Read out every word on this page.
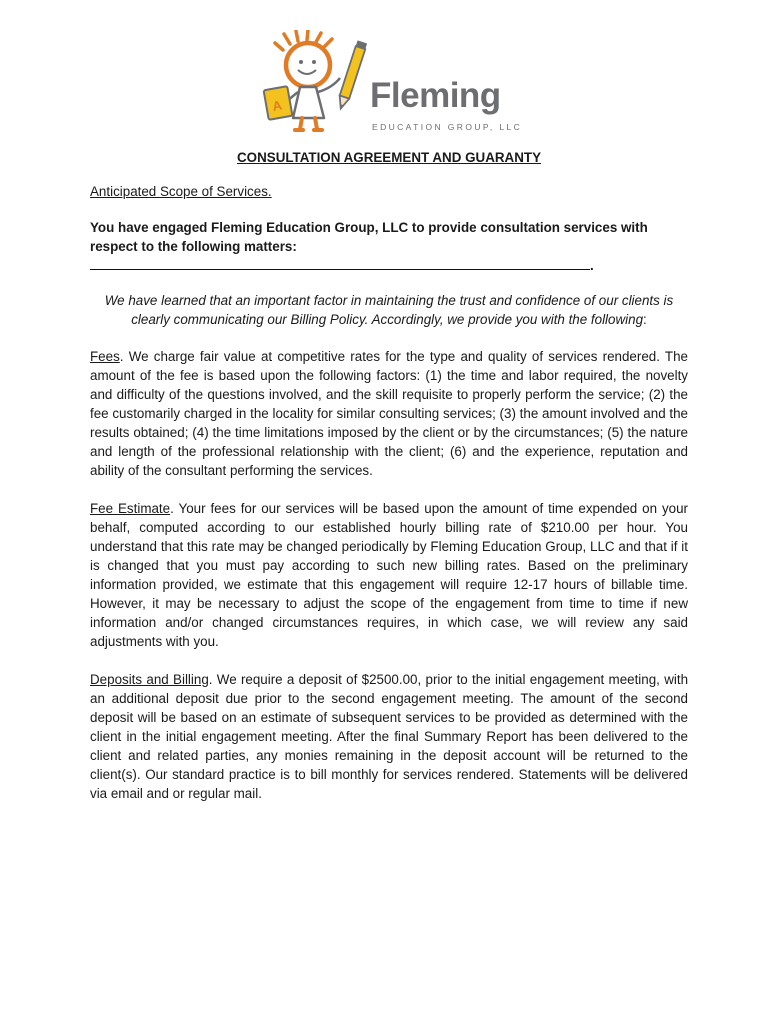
A Fleming
EDUCATION GROUP, LLC

CONSULTATION AGREEMENT AND GUARANTY

Anticipated Scope of Services.
You have engaged Fleming Education Group, LLC to provide consultation services with respect to the following matters:
.
We have learned that an important factor in maintaining the trust and confidence of our clients is clearly communicating our Billing Policy. Accordingly, we provide you with the following:
Fees. We charge fair value at competitive rates for the type and quality of services rendered. The amount of the fee is based upon the following factors: (1) the time and labor required, the novelty and difficulty of the questions involved, and the skill requisite to properly perform the service; (2) the fee customarily charged in the locality for similar consulting services; (3) the amount involved and the results obtained; (4) the time limitations imposed by the client or by the circumstances; (5) the nature and length of the professional relationship with the client; (6) and the experience, reputation and ability of the consultant performing the services.
Fee Estimate. Your fees for our services will be based upon the amount of time expended on your behalf, computed according to our established hourly billing rate of $210.00 per hour. You understand that this rate may be changed periodically by Fleming Education Group, LLC and that if it is changed that you must pay according to such new billing rates. Based on the preliminary information provided, we estimate that this engagement will require 12-17 hours of billable time. However, it may be necessary to adjust the scope of the engagement from time to time if new information and/or changed circumstances requires, in which case, we will review any said adjustments with you.
Deposits and Billing. We require a deposit of $2500.00, prior to the initial engagement meeting, with an additional deposit due prior to the second engagement meeting. The amount of the second deposit will be based on an estimate of subsequent services to be provided as determined with the client in the initial engagement meeting. After the final Summary Report has been delivered to the client and related parties, any monies remaining in the deposit account will be returned to the client(s). Our standard practice is to bill monthly for services rendered. Statements will be delivered via email and or regular mail.
